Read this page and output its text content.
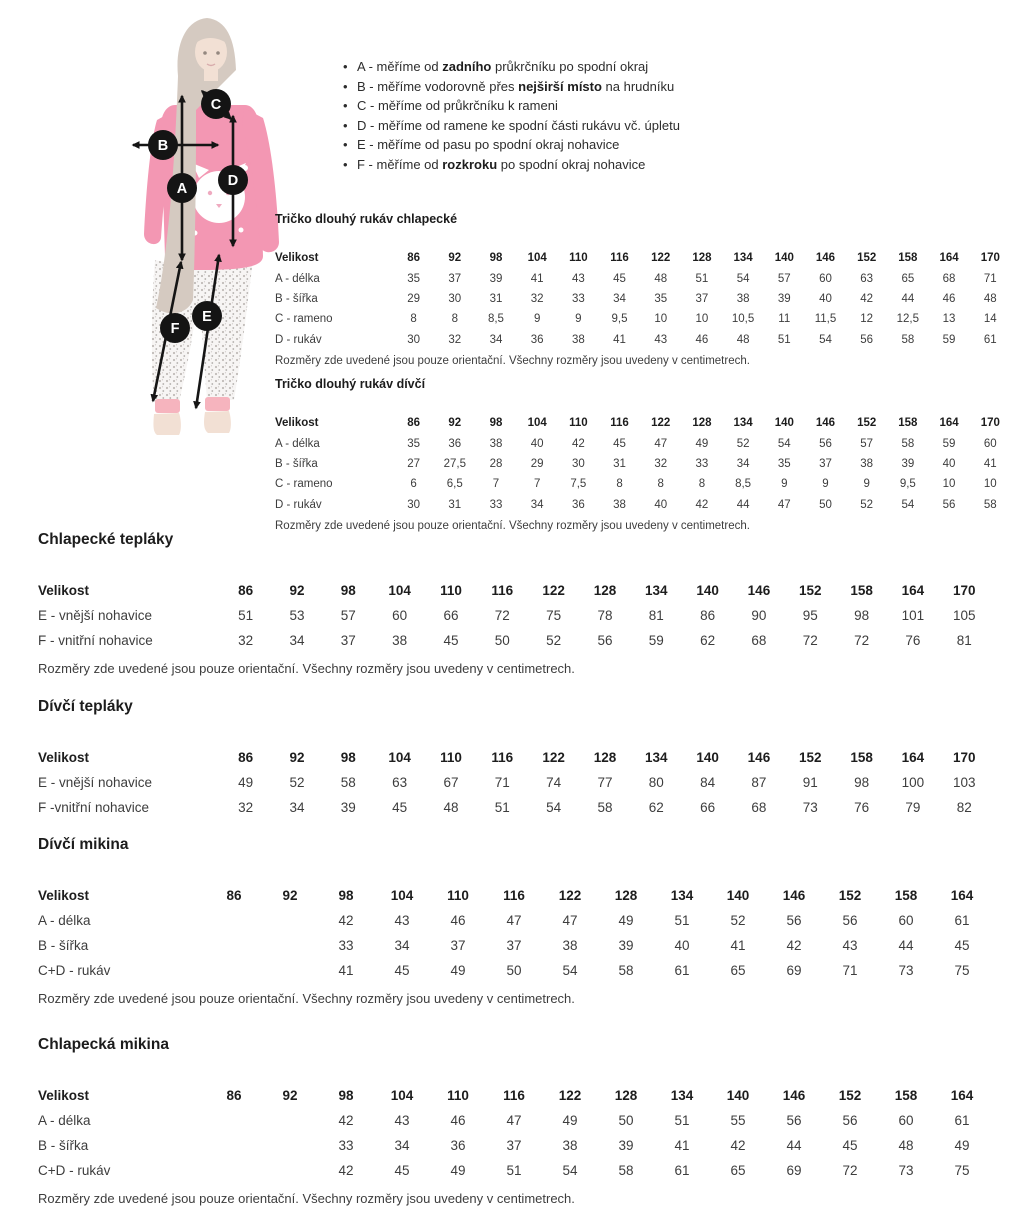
A
B
C
D
E
F
• A - měříme od zadního průkrčníku po spodní okraj
• B - měříme vodorovně přes nejširší místo na hrudníku
• C - měříme od průkrčníku k rameni
• D - měříme od ramene ke spodní části rukávu vč. úpletu
• E - měříme od pasu po spodní okraj nohavice
• F - měříme od rozkroku po spodní okraj nohavice
Tričko dlouhý rukáv chlapecké
Velikost	86	92	98	104	110	116	122	128	134	140	146	152	158	164	170
A - délka	35	37	39	41	43	45	48	51	54	57	60	63	65	68	71
B - šířka	29	30	31	32	33	34	35	37	38	39	40	42	44	46	48
C - rameno	8	8	8,5	9	9	9,5	10	10	10,5	11	11,5	12	12,5	13	14
D - rukáv	30	32	34	36	38	41	43	46	48	51	54	56	58	59	61
Rozměry zde uvedené jsou pouze orientační. Všechny rozměry jsou uvedeny v centimetrech.
Tričko dlouhý rukáv dívčí
Velikost	86	92	98	104	110	116	122	128	134	140	146	152	158	164	170
A - délka	35	36	38	40	42	45	47	49	52	54	56	57	58	59	60
B - šířka	27	27,5	28	29	30	31	32	33	34	35	37	38	39	40	41
C - rameno	6	6,5	7	7	7,5	8	8	8	8,5	9	9	9	9,5	10	10
D - rukáv	30	31	33	34	36	38	40	42	44	47	50	52	54	56	58
Rozměry zde uvedené jsou pouze orientační. Všechny rozměry jsou uvedeny v centimetrech.
Chlapecké tepláky
Velikost	86	92	98	104	110	116	122	128	134	140	146	152	158	164	170
E - vnější nohavice	51	53	57	60	66	72	75	78	81	86	90	95	98	101	105
F - vnitřní nohavice	32	34	37	38	45	50	52	56	59	62	68	72	72	76	81
Rozměry zde uvedené jsou pouze orientační. Všechny rozměry jsou uvedeny v centimetrech.
Dívčí tepláky
Velikost	86	92	98	104	110	116	122	128	134	140	146	152	158	164	170
E - vnější nohavice	49	52	58	63	67	71	74	77	80	84	87	91	98	100	103
F -vnitřní nohavice	32	34	39	45	48	51	54	58	62	66	68	73	76	79	82
Dívčí mikina
Velikost	86	92	98	104	110	116	122	128	134	140	146	152	158	164
A - délka			42	43	46	47	47	49	51	52	56	56	60	61
B - šířka			33	34	37	37	38	39	40	41	42	43	44	45
C+D - rukáv			41	45	49	50	54	58	61	65	69	71	73	75
Rozměry zde uvedené jsou pouze orientační. Všechny rozměry jsou uvedeny v centimetrech.
Chlapecká mikina
Velikost	86	92	98	104	110	116	122	128	134	140	146	152	158	164
A - délka			42	43	46	47	49	50	51	55	56	56	60	61
B - šířka			33	34	36	37	38	39	41	42	44	45	48	49
C+D - rukáv			42	45	49	51	54	58	61	65	69	72	73	75
Rozměry zde uvedené jsou pouze orientační. Všechny rozměry jsou uvedeny v centimetrech.
